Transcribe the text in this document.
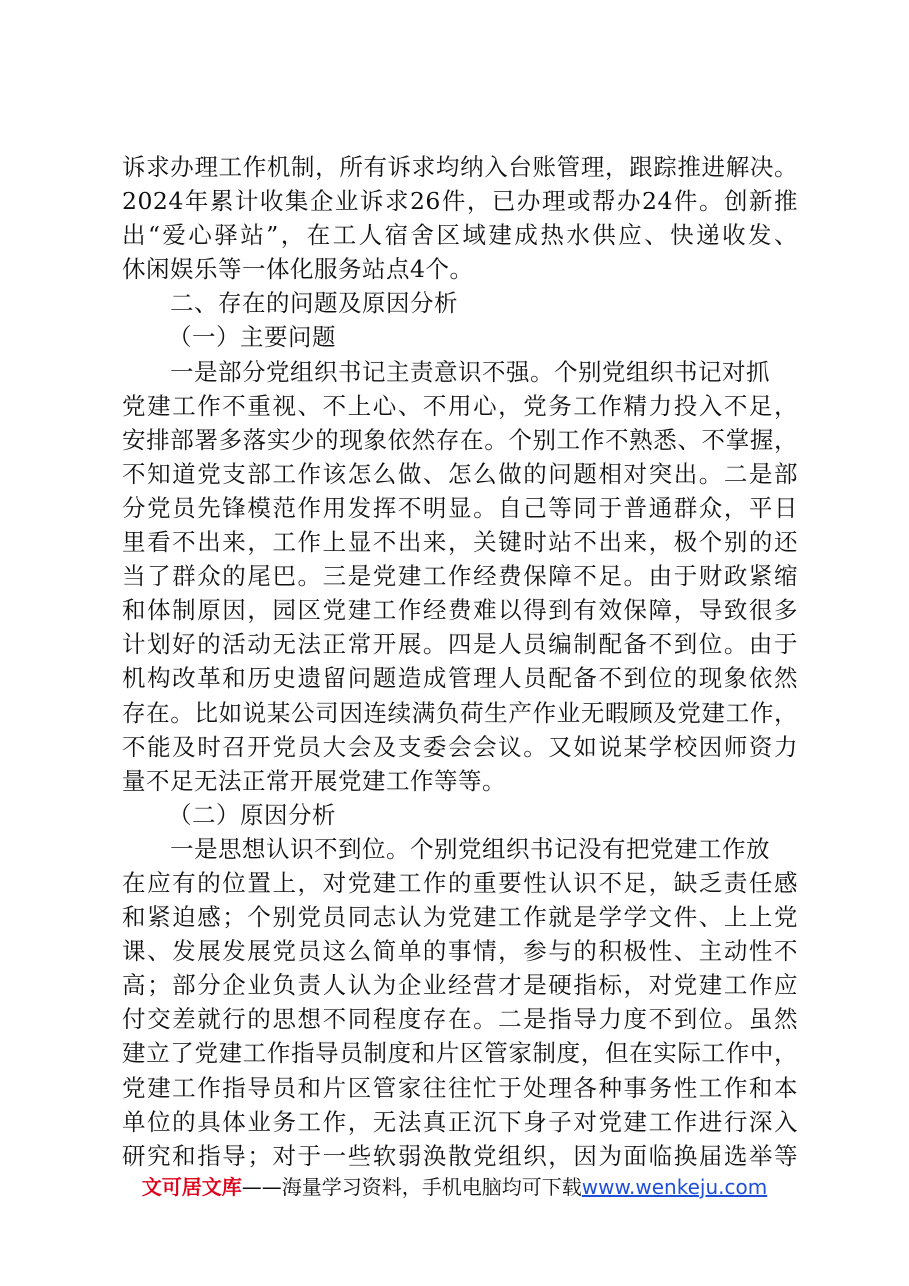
诉求办理工作机制，所有诉求均纳入台账管理，跟踪推进解决。
2024年累计收集企业诉求26件，已办理或帮办24件。创新推
出“爱心驿站”，在工人宿舍区域建成热水供应、快递收发、
休闲娱乐等一体化服务站点4个。
二、存在的问题及原因分析
（一）主要问题
一是部分党组织书记主责意识不强。个别党组织书记对抓
党建工作不重视、不上心、不用心，党务工作精力投入不足，
安排部署多落实少的现象依然存在。个别工作不熟悉、不掌握，
不知道党支部工作该怎么做、怎么做的问题相对突出。二是部
分党员先锋模范作用发挥不明显。自己等同于普通群众，平日
里看不出来，工作上显不出来，关键时站不出来，极个别的还
当了群众的尾巴。三是党建工作经费保障不足。由于财政紧缩
和体制原因，园区党建工作经费难以得到有效保障，导致很多
计划好的活动无法正常开展。四是人员编制配备不到位。由于
机构改革和历史遗留问题造成管理人员配备不到位的现象依然
存在。比如说某公司因连续满负荷生产作业无暇顾及党建工作，
不能及时召开党员大会及支委会会议。又如说某学校因师资力
量不足无法正常开展党建工作等等。
（二）原因分析
一是思想认识不到位。个别党组织书记没有把党建工作放
在应有的位置上，对党建工作的重要性认识不足，缺乏责任感
和紧迫感；个别党员同志认为党建工作就是学学文件、上上党
课、发展发展党员这么简单的事情，参与的积极性、主动性不
高；部分企业负责人认为企业经营才是硬指标，对党建工作应
付交差就行的思想不同程度存在。二是指导力度不到位。虽然
建立了党建工作指导员制度和片区管家制度，但在实际工作中，
党建工作指导员和片区管家往往忙于处理各种事务性工作和本
单位的具体业务工作，无法真正沉下身子对党建工作进行深入
研究和指导；对于一些软弱涣散党组织，因为面临换届选举等
文可居文库——海量学习资料，手机电脑均可下载www.wenkeju.com
